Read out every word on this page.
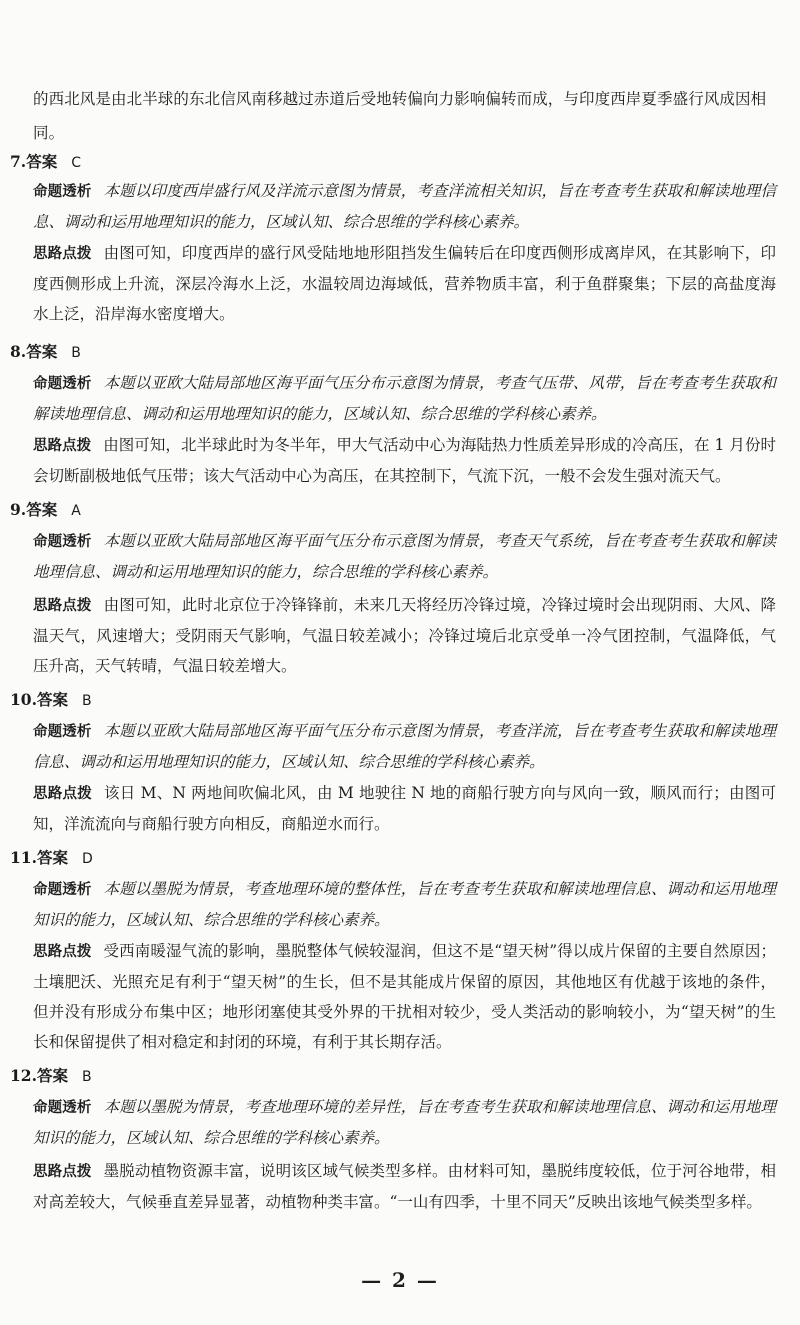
的西北风是由北半球的东北信风南移越过赤道后受地转偏向力影响偏转而成，与印度西岸夏季盛行风成因相同。

7.答案 C

命题透析 本题以印度西岸盛行风及洋流示意图为情景，考查洋流相关知识，旨在考查考生获取和解读地理信息、调动和运用地理知识的能力，区域认知、综合思维的学科核心素养。

思路点拨 由图可知，印度西岸的盛行风受陆地地形阻挡发生偏转后在印度西侧形成离岸风，在其影响下，印度西侧形成上升流，深层冷海水上泛，水温较周边海域低，营养物质丰富，利于鱼群聚集；下层的高盐度海水上泛，沿岸海水密度增大。

8.答案 B

命题透析 本题以亚欧大陆局部地区海平面气压分布示意图为情景，考查气压带、风带，旨在考查考生获取和解读地理信息、调动和运用地理知识的能力，区域认知、综合思维的学科核心素养。

思路点拨 由图可知，北半球此时为冬半年，甲大气活动中心为海陆热力性质差异形成的冷高压，在 1 月份时会切断副极地低气压带；该大气活动中心为高压，在其控制下，气流下沉，一般不会发生强对流天气。

9.答案 A

命题透析 本题以亚欧大陆局部地区海平面气压分布示意图为情景，考查天气系统，旨在考查考生获取和解读地理信息、调动和运用地理知识的能力，综合思维的学科核心素养。

思路点拨 由图可知，此时北京位于冷锋锋前，未来几天将经历冷锋过境，冷锋过境时会出现阴雨、大风、降温天气，风速增大；受阴雨天气影响，气温日较差减小；冷锋过境后北京受单一冷气团控制，气温降低，气压升高，天气转晴，气温日较差增大。

10.答案 B

命题透析 本题以亚欧大陆局部地区海平面气压分布示意图为情景，考查洋流，旨在考查考生获取和解读地理信息、调动和运用地理知识的能力，区域认知、综合思维的学科核心素养。

思路点拨 该日 M、N 两地间吹偏北风，由 M 地驶往 N 地的商船行驶方向与风向一致，顺风而行；由图可知，洋流流向与商船行驶方向相反，商船逆水而行。

11.答案 D

命题透析 本题以墨脱为情景，考查地理环境的整体性，旨在考查考生获取和解读地理信息、调动和运用地理知识的能力，区域认知、综合思维的学科核心素养。

思路点拨 受西南暖湿气流的影响，墨脱整体气候较湿润，但这不是“望天树”得以成片保留的主要自然原因；土壤肥沃、光照充足有利于“望天树”的生长，但不是其能成片保留的原因，其他地区有优越于该地的条件，但并没有形成分布集中区；地形闭塞使其受外界的干扰相对较少，受人类活动的影响较小，为“望天树”的生长和保留提供了相对稳定和封闭的环境，有利于其长期存活。

12.答案 B

命题透析 本题以墨脱为情景，考查地理环境的差异性，旨在考查考生获取和解读地理信息、调动和运用地理知识的能力，区域认知、综合思维的学科核心素养。

思路点拨 墨脱动植物资源丰富，说明该区域气候类型多样。由材料可知，墨脱纬度较低，位于河谷地带，相对高差较大，气候垂直差异显著，动植物种类丰富。“一山有四季，十里不同天”反映出该地气候类型多样。

— 2 —
